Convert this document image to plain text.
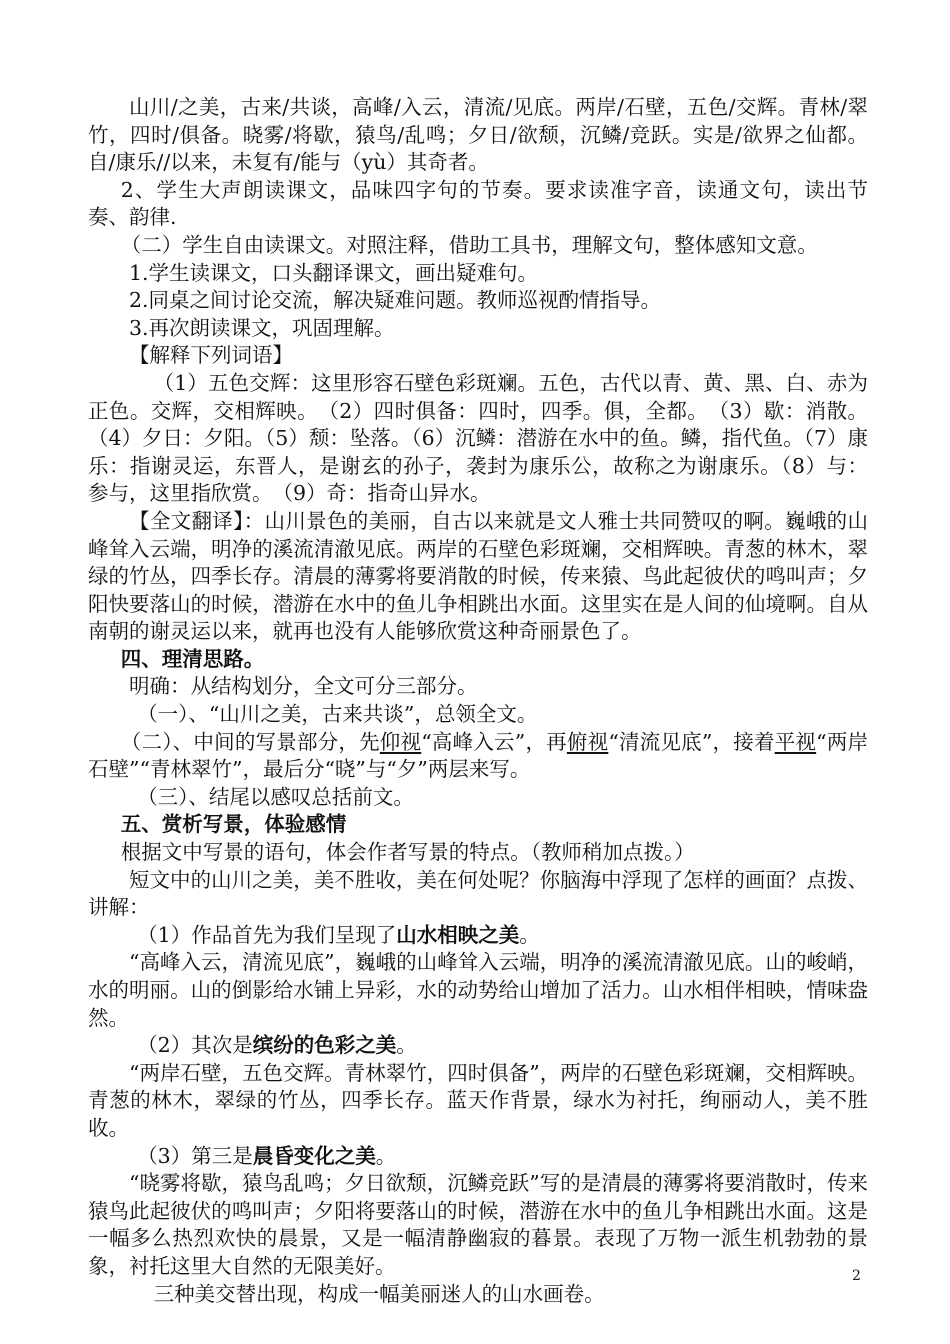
山川/之美，古来/共谈，高峰/入云，清流/见底。两岸/石壁，五色/交辉。青林/翠竹，四时/俱备。晓雾/将歇，猿鸟/乱鸣；夕日/欲颓，沉鳞/竞跃。实是/欲界之仙都。自/康乐//以来，未复有/能与（yù）其奇者。

2、学生大声朗读课文，品味四字句的节奏。要求读准字音，读通文句，读出节奏、韵律.

（二）学生自由读课文。对照注释，借助工具书，理解文句，整体感知文意。

1.学生读课文，口头翻译课文，画出疑难句。

2.同桌之间讨论交流，解决疑难问题。教师巡视酌情指导。

3.再次朗读课文，巩固理解。

【解释下列词语】

（1）五色交辉：这里形容石壁色彩斑斓。五色，古代以青、黄、黑、白、赤为正色。交辉，交相辉映。　（2）四时俱备：四时，四季。俱，全都。　（3）歇：消散。（4）夕日：夕阳。（5）颓：坠落。（6）沉鳞：潜游在水中的鱼。鳞，指代鱼。（7）康乐：指谢灵运，东晋人，是谢玄的孙子，袭封为康乐公，故称之为谢康乐。（8）与：参与，这里指欣赏。　（9）奇：指奇山异水。

【全文翻译】：山川景色的美丽，自古以来就是文人雅士共同赞叹的啊。巍峨的山峰耸入云端，明净的溪流清澈见底。两岸的石壁色彩斑斓，交相辉映。青葱的林木，翠绿的竹丛，四季长存。清晨的薄雾将要消散的时候，传来猿、鸟此起彼伏的鸣叫声；夕阳快要落山的时候，潜游在水中的鱼儿争相跳出水面。这里实在是人间的仙境啊。自从南朝的谢灵运以来，就再也没有人能够欣赏这种奇丽景色了。

四、理清思路。

明确：从结构划分，全文可分三部分。

（一）、“山川之美，古来共谈”，总领全文。

（二）、中间的写景部分，先仰视“高峰入云”，再俯视“清流见底”，接着平视“两岸石壁”“青林翠竹”，最后分“晓”与“夕”两层来写。

（三）、结尾以感叹总括前文。

五、赏析写景，体验感情

根据文中写景的语句，体会作者写景的特点。（教师稍加点拨。）

短文中的山川之美，美不胜收，美在何处呢？你脑海中浮现了怎样的画面？点拨、讲解：

（1）作品首先为我们呈现了山水相映之美。

“高峰入云，清流见底”，巍峨的山峰耸入云端，明净的溪流清澈见底。山的峻峭，水的明丽。山的倒影给水铺上异彩，水的动势给山增加了活力。山水相伴相映，情味盎然。

（2）其次是缤纷的色彩之美。

“两岸石壁，五色交辉。青林翠竹，四时俱备”，两岸的石壁色彩斑斓，交相辉映。青葱的林木，翠绿的竹丛，四季长存。蓝天作背景，绿水为衬托，绚丽动人，美不胜收。

（3）第三是晨昏变化之美。

“晓雾将歇，猿鸟乱鸣；夕日欲颓，沉鳞竞跃”写的是清晨的薄雾将要消散时，传来猿鸟此起彼伏的鸣叫声；夕阳将要落山的时候，潜游在水中的鱼儿争相跳出水面。这是一幅多么热烈欢快的晨景，又是一幅清静幽寂的暮景。表现了万物一派生机勃勃的景象，衬托这里大自然的无限美好。

三种美交替出现，构成一幅美丽迷人的山水画卷。

2
